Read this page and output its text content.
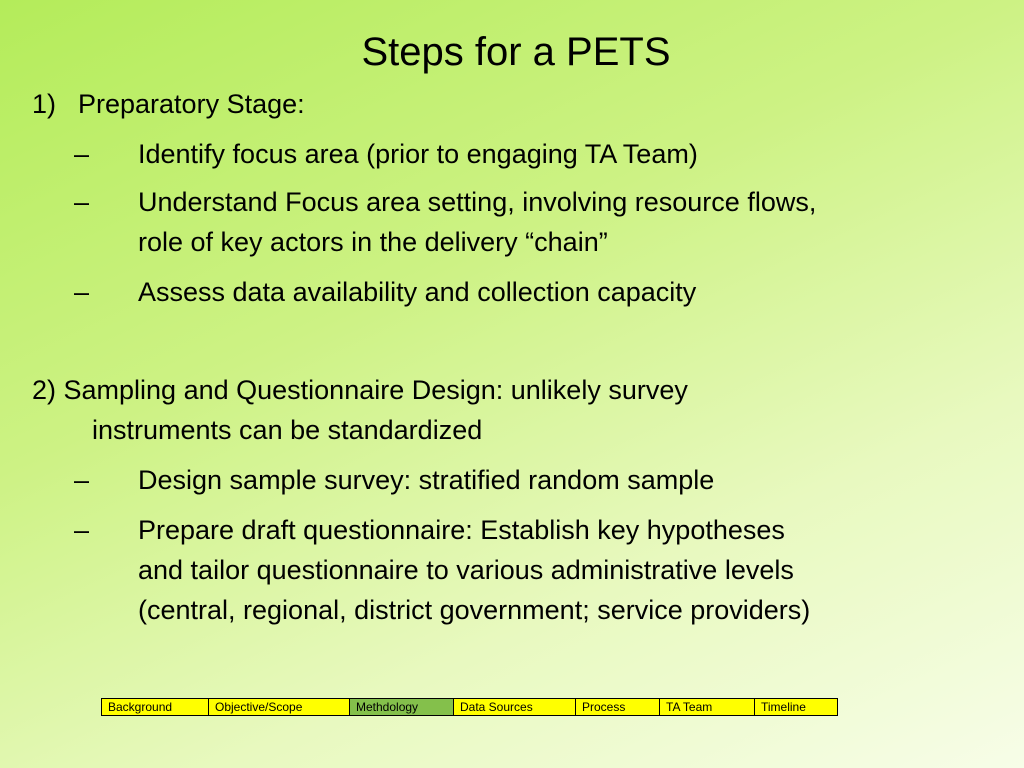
Steps for a PETS

1) Preparatory Stage:

– Identify focus area (prior to engaging TA Team)

– Understand Focus area setting, involving resource flows,

role of key actors in the delivery “chain”

– Assess data availability and collection capacity

2) Sampling and Questionnaire Design: unlikely survey

instruments can be standardized

– Design sample survey: stratified random sample

– Prepare draft questionnaire: Establish key hypotheses

and tailor questionnaire to various administrative levels

(central, regional, district government; service providers)

Background	Objective/Scope	Methdology	Data Sources	Process	TA Team	Timeline
